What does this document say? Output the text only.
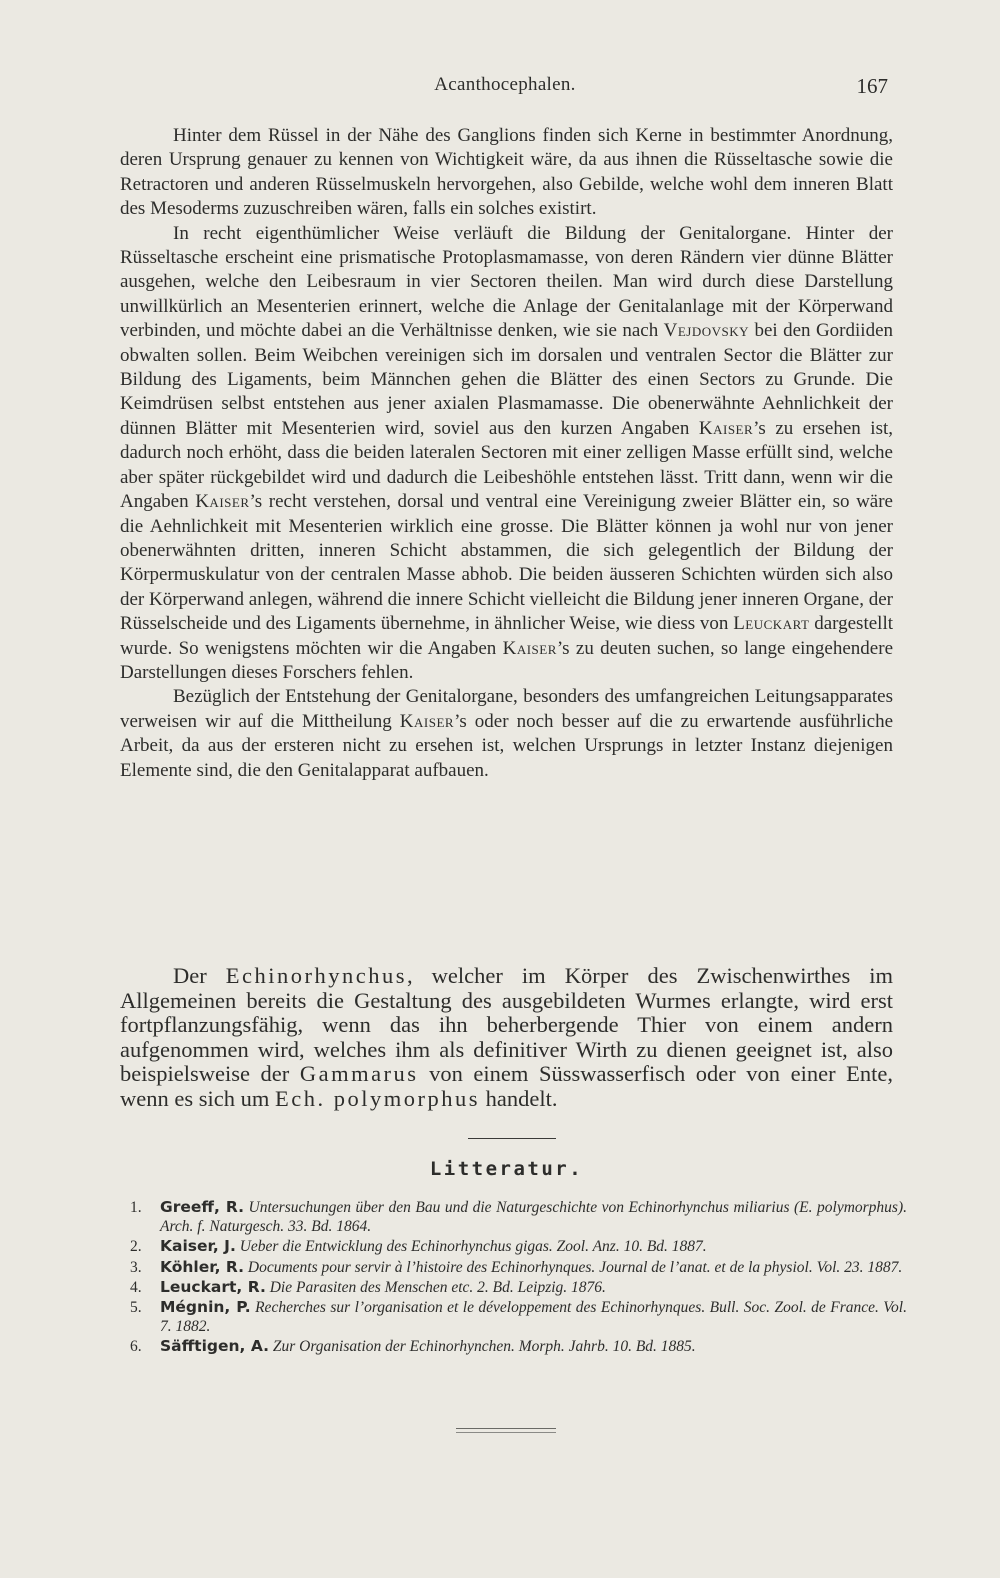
Acanthocephalen.	167

Hinter dem Rüssel in der Nähe des Ganglions finden sich Kerne in bestimmter Anordnung, deren Ursprung genauer zu kennen von Wichtigkeit wäre, da aus ihnen die Rüsseltasche sowie die Retractoren und anderen Rüsselmuskeln hervorgehen, also Gebilde, welche wohl dem inneren Blatt des Mesoderms zuzuschreiben wären, falls ein solches existirt.

In recht eigenthümlicher Weise verläuft die Bildung der Genitalorgane. Hinter der Rüsseltasche erscheint eine prismatische Protoplasmamasse, von deren Rändern vier dünne Blätter ausgehen, welche den Leibesraum in vier Sectoren theilen. Man wird durch diese Darstellung unwillkürlich an Mesenterien erinnert, welche die Anlage der Genitalanlage mit der Körperwand verbinden, und möchte dabei an die Verhältnisse denken, wie sie nach Vejdovsky bei den Gordiiden obwalten sollen. Beim Weibchen vereinigen sich im dorsalen und ventralen Sector die Blätter zur Bildung des Ligaments, beim Männchen gehen die Blätter des einen Sectors zu Grunde. Die Keimdrüsen selbst entstehen aus jener axialen Plasmamasse. Die obenerwähnte Aehnlichkeit der dünnen Blätter mit Mesenterien wird, soviel aus den kurzen Angaben Kaiser’s zu ersehen ist, dadurch noch erhöht, dass die beiden lateralen Sectoren mit einer zelligen Masse erfüllt sind, welche aber später rückgebildet wird und dadurch die Leibeshöhle entstehen lässt. Tritt dann, wenn wir die Angaben Kaiser’s recht verstehen, dorsal und ventral eine Vereinigung zweier Blätter ein, so wäre die Aehnlichkeit mit Mesenterien wirklich eine grosse. Die Blätter können ja wohl nur von jener obenerwähnten dritten, inneren Schicht abstammen, die sich gelegentlich der Bildung der Körpermuskulatur von der centralen Masse abhob. Die beiden äusseren Schichten würden sich also der Körperwand anlegen, während die innere Schicht vielleicht die Bildung jener inneren Organe, der Rüsselscheide und des Ligaments übernehme, in ähnlicher Weise, wie diess von Leuckart dargestellt wurde. So wenigstens möchten wir die Angaben Kaiser’s zu deuten suchen, so lange eingehendere Darstellungen dieses Forschers fehlen.

Bezüglich der Entstehung der Genitalorgane, besonders des umfangreichen Leitungsapparates verweisen wir auf die Mittheilung Kaiser’s oder noch besser auf die zu erwartende ausführliche Arbeit, da aus der ersteren nicht zu ersehen ist, welchen Ursprungs in letzter Instanz diejenigen Elemente sind, die den Genitalapparat aufbauen.

Der Echinorhynchus, welcher im Körper des Zwischenwirthes im Allgemeinen bereits die Gestaltung des ausgebildeten Wurmes erlangte, wird erst fortpflanzungsfähig, wenn das ihn beherbergende Thier von einem andern aufgenommen wird, welches ihm als definitiver Wirth zu dienen geeignet ist, also beispielsweise der Gammarus von einem Süsswasserfisch oder von einer Ente, wenn es sich um Ech. polymorphus handelt.

Litteratur.
1. Greeff, R. Untersuchungen über den Bau und die Naturgeschichte von Echinorhynchus miliarius (E. polymorphus). Arch. f. Naturgesch. 33. Bd. 1864.
2. Kaiser, J. Ueber die Entwicklung des Echinorhynchus gigas. Zool. Anz. 10. Bd. 1887.
3. Köhler, R. Documents pour servir à l’histoire des Echinorhynques. Journal de l’anat. et de la physiol. Vol. 23. 1887.
4. Leuckart, R. Die Parasiten des Menschen etc. 2. Bd. Leipzig. 1876.
5. Mégnin, P. Recherches sur l’organisation et le développement des Echinorhynques. Bull. Soc. Zool. de France. Vol. 7. 1882.
6. Säfftigen, A. Zur Organisation der Echinorhynchen. Morph. Jahrb. 10. Bd. 1885.
